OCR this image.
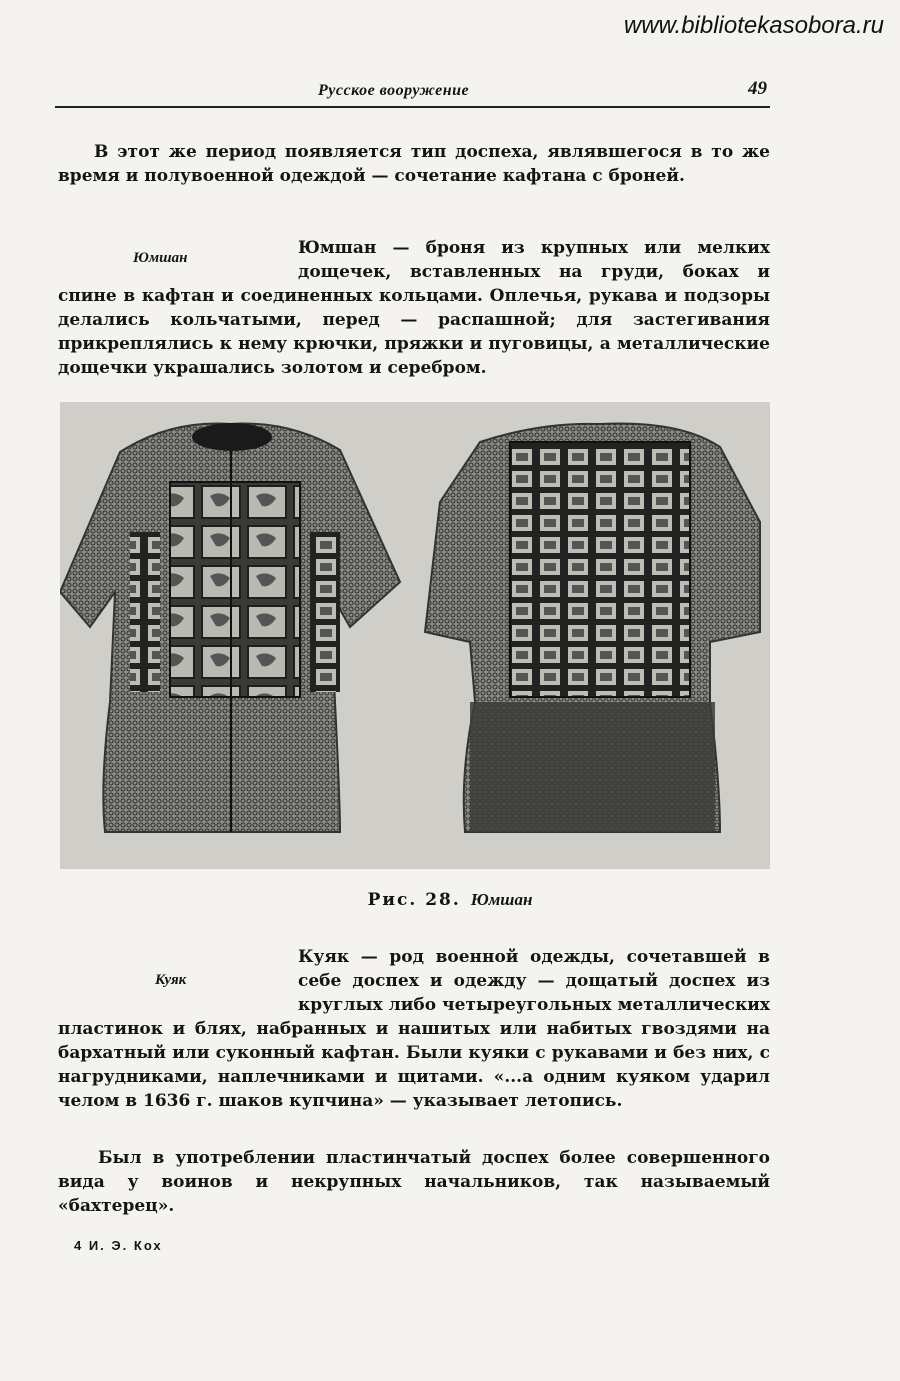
www.bibliotekasobora.ru
Русское вооружение	49

В этот же период появляется тип доспеха, являвшегося в то же время и полувоенной одеждой — сочетание кафтана с броней.

Юмшан	Юмшан — броня из крупных или мелких дощечек, вставленных на груди, боках и спине в кафтан и соединенных кольцами. Оплечья, рукава и подзоры делались кольчатыми, перед — распашной; для застегивания прикреплялись к нему крючки, пряжки и пуговицы, а металлические дощечки украшались золотом и серебром.

Рис. 28. Юмшан
Куяк

Куяк — род военной одежды, сочетавшей в себе доспех и одежду — дощатый доспех из круглых либо четыреугольных металлических пластинок и блях, набранных и нашитых или набитых гвоздями на бархатный или суконный кафтан. Были куяки с рукавами и без них, с нагрудниками, наплечниками и щитами. «...а одним куяком ударил челом в 1636 г. шаков купчина» — указывает летопись.

Был в употреблении пластинчатый доспех более совершенного вида у воинов и некрупных начальников, так называемый «бахтерец».

4 И. Э. Кох
